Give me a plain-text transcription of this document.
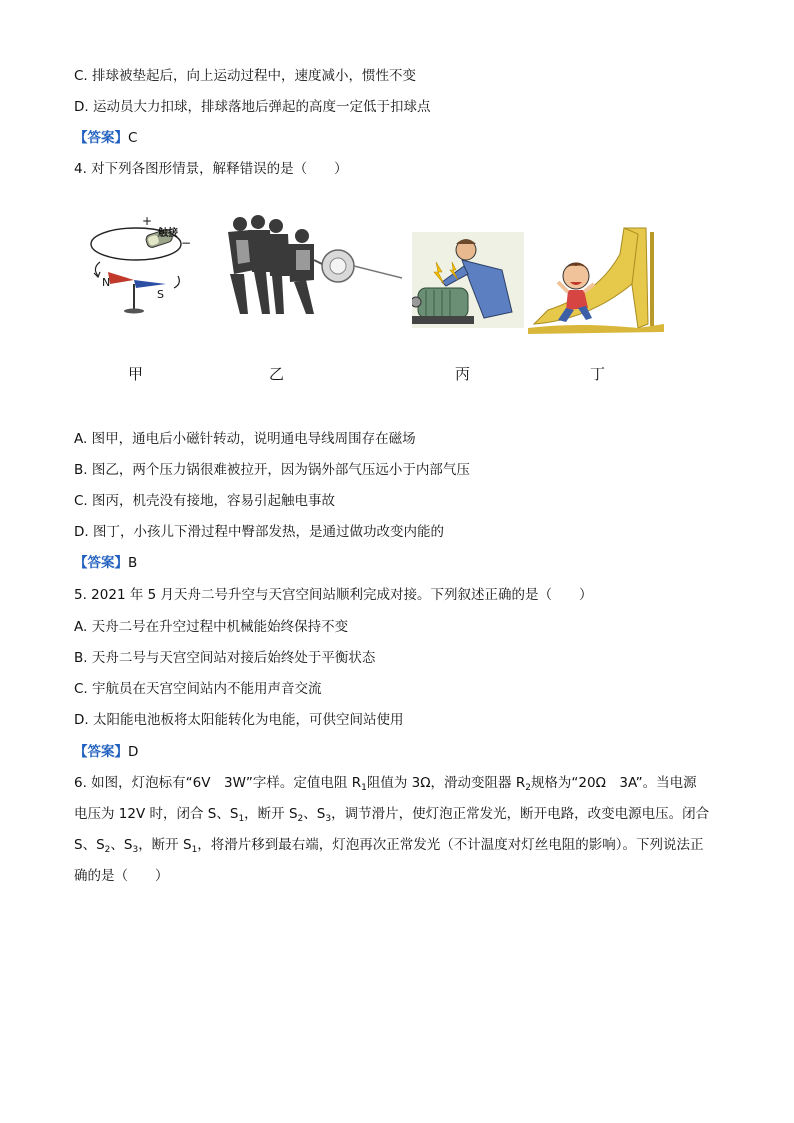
C. 排球被垫起后，向上运动过程中，速度减小，惯性不变
D. 运动员大力扣球，排球落地后弹起的高度一定低于扣球点
【答案】C
4. 对下列各图形情景，解释错误的是（　　）
+
触接
−
N
S
甲	乙	丙	丁
A. 图甲，通电后小磁针转动，说明通电导线周围存在磁场
B. 图乙，两个压力锅很难被拉开，因为锅外部气压远小于内部气压
C. 图丙，机壳没有接地，容易引起触电事故
D. 图丁，小孩儿下滑过程中臀部发热，是通过做功改变内能的
【答案】B
5. 2021 年 5 月天舟二号升空与天宫空间站顺利完成对接。下列叙述正确的是（　　）
A. 天舟二号在升空过程中机械能始终保持不变
B. 天舟二号与天宫空间站对接后始终处于平衡状态
C. 宇航员在天宫空间站内不能用声音交流
D. 太阳能电池板将太阳能转化为电能，可供空间站使用
【答案】D
6. 如图，灯泡标有“6V　3W”字样。定值电阻 $R_1$阻值为 3Ω，滑动变阻器 $R_2$规格为“20Ω　3A”。当电源
电压为 12V 时，闭合 S、$S_1$，断开 $S_2$、$S_3$，调节滑片，使灯泡正常发光，断开电路，改变电源电压。闭合
S、$S_2$、$S_3$，断开 $S_1$，将滑片移到最右端，灯泡再次正常发光（不计温度对灯丝电阻的影响）。下列说法正
确的是（　　）
